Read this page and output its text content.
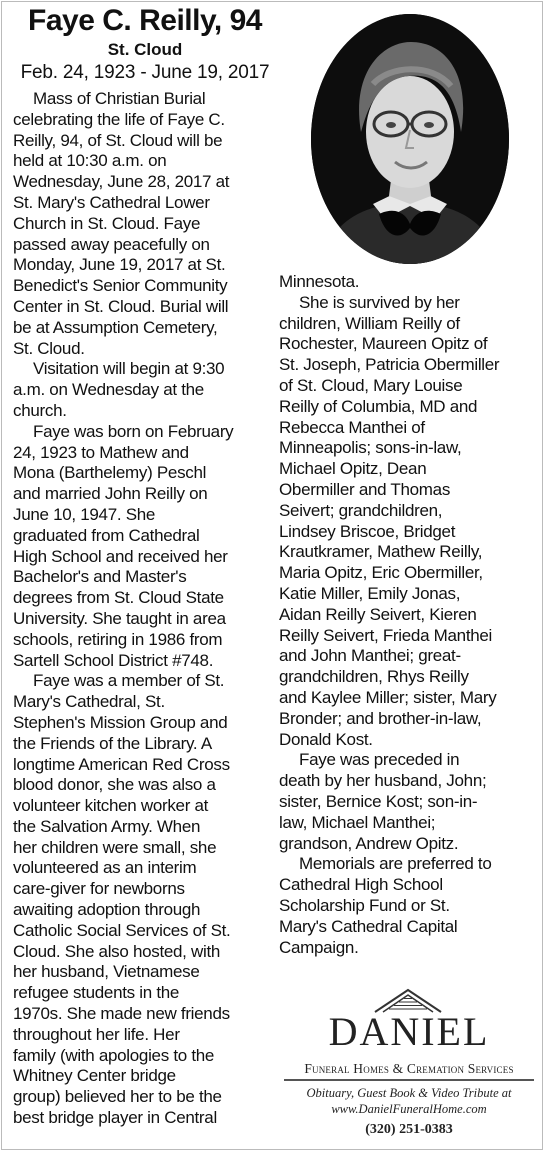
Faye C. Reilly, 94
St. Cloud
Feb. 24, 1923 - June 19, 2017
Mass of Christian Burial
celebrating the life of Faye C.
Reilly, 94, of St. Cloud will be
held at 10:30 a.m. on
Wednesday, June 28, 2017 at
St. Mary's Cathedral Lower
Church in St. Cloud. Faye
passed away peacefully on
Monday, June 19, 2017 at St.
Benedict's Senior Community
Center in St. Cloud. Burial will
be at Assumption Cemetery,
St. Cloud.
Visitation will begin at 9:30
a.m. on Wednesday at the
church.
Faye was born on February
24, 1923 to Mathew and
Mona (Barthelemy) Peschl
and married John Reilly on
June 10, 1947. She
graduated from Cathedral
High School and received her
Bachelor's and Master's
degrees from St. Cloud State
University. She taught in area
schools, retiring in 1986 from
Sartell School District #748.
Faye was a member of St.
Mary's Cathedral, St.
Stephen's Mission Group and
the Friends of the Library. A
longtime American Red Cross
blood donor, she was also a
volunteer kitchen worker at
the Salvation Army. When
her children were small, she
volunteered as an interim
care-giver for newborns
awaiting adoption through
Catholic Social Services of St.
Cloud. She also hosted, with
her husband, Vietnamese
refugee students in the
1970s. She made new friends
throughout her life. Her
family (with apologies to the
Whitney Center bridge
group) believed her to be the
best bridge player in Central
Minnesota.
She is survived by her
children, William Reilly of
Rochester, Maureen Opitz of
St. Joseph, Patricia Obermiller
of St. Cloud, Mary Louise
Reilly of Columbia, MD and
Rebecca Manthei of
Minneapolis; sons-in-law,
Michael Opitz, Dean
Obermiller and Thomas
Seivert; grandchildren,
Lindsey Briscoe, Bridget
Krautkramer, Mathew Reilly,
Maria Opitz, Eric Obermiller,
Katie Miller, Emily Jonas,
Aidan Reilly Seivert, Kieren
Reilly Seivert, Frieda Manthei
and John Manthei; great-
grandchildren, Rhys Reilly
and Kaylee Miller; sister, Mary
Bronder; and brother-in-law,
Donald Kost.
Faye was preceded in
death by her husband, John;
sister, Bernice Kost; son-in-
law, Michael Manthei;
grandson, Andrew Opitz.
Memorials are preferred to
Cathedral High School
Scholarship Fund or St.
Mary's Cathedral Capital
Campaign.
DANIEL
Funeral Homes & Cremation Services
Obituary, Guest Book & Video Tribute at
www.DanielFuneralHome.com
(320) 251-0383
